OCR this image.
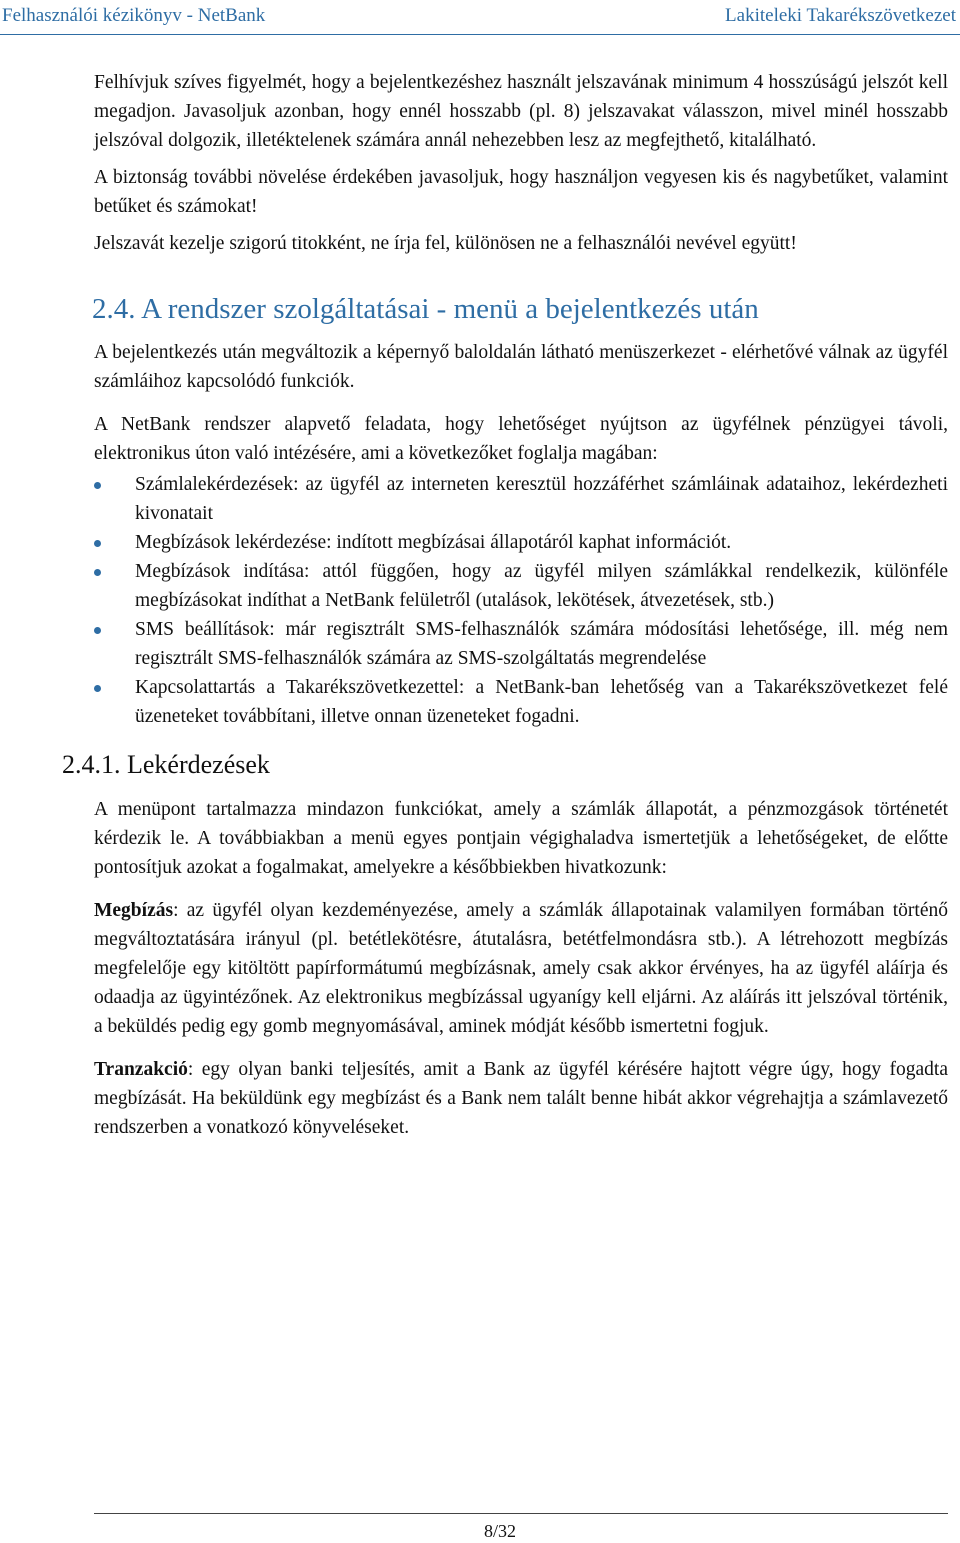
Felhasználói kézikönyv - NetBank	Lakiteleki Takarékszövetkezet

Felhívjuk szíves figyelmét, hogy a bejelentkezéshez használt jelszavának minimum 4 hosszúságú jelszót kell megadjon. Javasoljuk azonban, hogy ennél hosszabb (pl. 8) jelszavakat válasszon, mivel minél hosszabb jelszóval dolgozik, illetéktelenek számára annál nehezebben lesz az megfejthető, kitalálható.

A biztonság további növelése érdekében javasoljuk, hogy használjon vegyesen kis és nagybetűket, valamint betűket és számokat!

Jelszavát kezelje szigorú titokként, ne írja fel, különösen ne a felhasználói nevével együtt!

2.4. A rendszer szolgáltatásai - menü a bejelentkezés után

A bejelentkezés után megváltozik a képernyő baloldalán látható menüszerkezet - elérhetővé válnak az ügyfél számláihoz kapcsolódó funkciók.

A NetBank rendszer alapvető feladata, hogy lehetőséget nyújtson az ügyfélnek pénzügyei távoli, elektronikus úton való intézésére, ami a következőket foglalja magában:

Számlalekérdezések: az ügyfél az interneten keresztül hozzáférhet számláinak adataihoz, lekérdezheti kivonatait
Megbízások lekérdezése: indított megbízásai állapotáról kaphat információt.
Megbízások indítása: attól függően, hogy az ügyfél milyen számlákkal rendelkezik, különféle megbízásokat indíthat a NetBank felületről (utalások, lekötések, átvezetések, stb.)
SMS beállítások: már regisztrált SMS-felhasználók számára módosítási lehetősége, ill. még nem regisztrált SMS-felhasználók számára az SMS-szolgáltatás megrendelése
Kapcsolattartás a Takarékszövetkezettel: a NetBank-ban lehetőség van a Takarékszövetkezet felé üzeneteket továbbítani, illetve onnan üzeneteket fogadni.
2.4.1. Lekérdezések

A menüpont tartalmazza mindazon funkciókat, amely a számlák állapotát, a pénzmozgások történetét kérdezik le. A továbbiakban a menü egyes pontjain végighaladva ismertetjük a lehetőségeket, de előtte pontosítjuk azokat a fogalmakat, amelyekre a későbbiekben hivatkozunk:

Megbízás: az ügyfél olyan kezdeményezése, amely a számlák állapotainak valamilyen formában történő megváltoztatására irányul (pl. betétlekötésre, átutalásra, betétfelmondásra stb.). A létrehozott megbízás megfelelője egy kitöltött papírformátumú megbízásnak, amely csak akkor érvényes, ha az ügyfél aláírja és odaadja az ügyintézőnek. Az elektronikus megbízással ugyanígy kell eljárni. Az aláírás itt jelszóval történik, a beküldés pedig egy gomb megnyomásával, aminek módját később ismertetni fogjuk.

Tranzakció: egy olyan banki teljesítés, amit a Bank az ügyfél kérésére hajtott végre úgy, hogy fogadta megbízását. Ha beküldünk egy megbízást és a Bank nem talált benne hibát akkor végrehajtja a számlavezető rendszerben a vonatkozó könyveléseket.

8/32
